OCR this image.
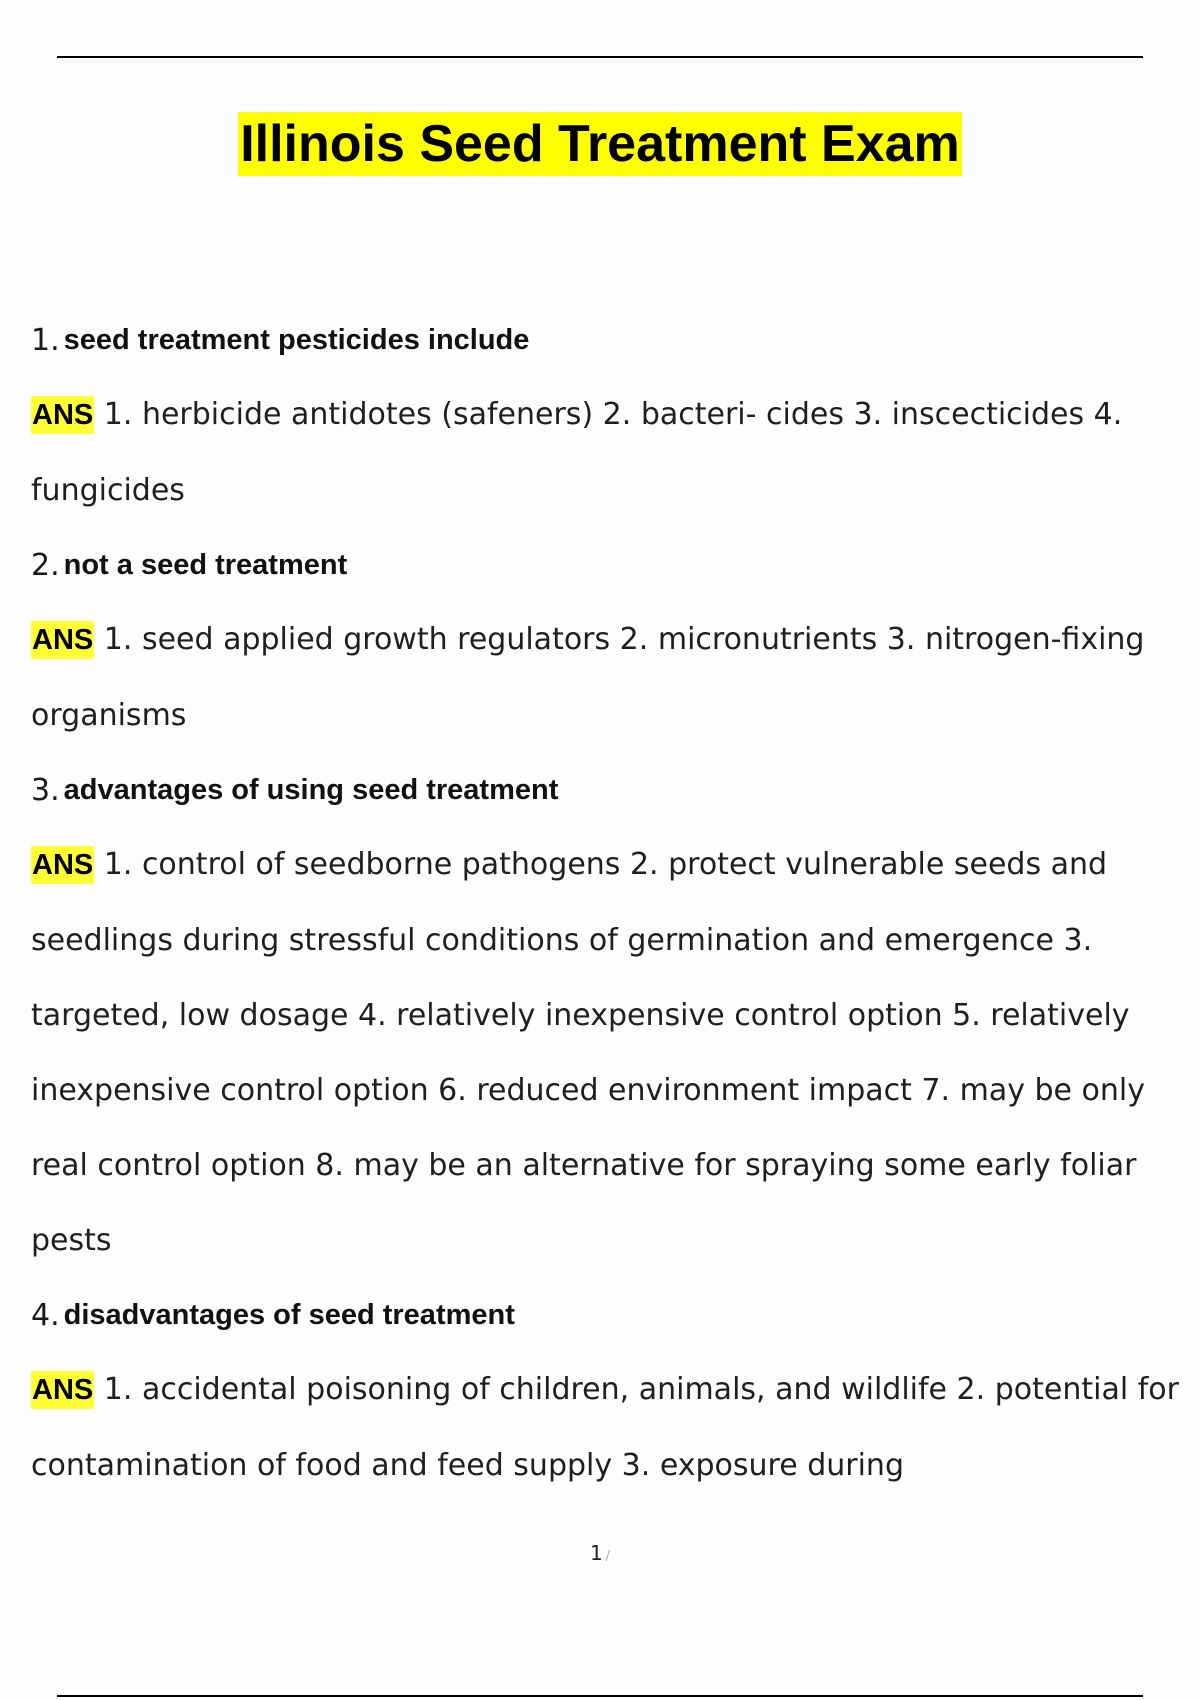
Illinois Seed Treatment Exam
1. seed treatment pesticides include

ANS 1. herbicide antidotes (safeners) 2. bacteri- cides 3. inscecticides 4. fungicides

2. not a seed treatment

ANS 1. seed applied growth regulators 2. micronutrients 3. nitrogen-fixing organisms

3. advantages of using seed treatment

ANS 1. control of seedborne pathogens 2. protect vulnerable seeds and seedlings during stressful conditions of germination and emergence 3. targeted, low dosage 4. relatively inexpensive control option 5. relatively inexpensive control option 6. reduced environment impact 7. may be only real control option 8. may be an alternative for spraying some early foliar pests

4. disadvantages of seed treatment

ANS 1. accidental poisoning of children, animals, and wildlife 2. potential for contamination of food and feed supply 3. exposure during

1 /
